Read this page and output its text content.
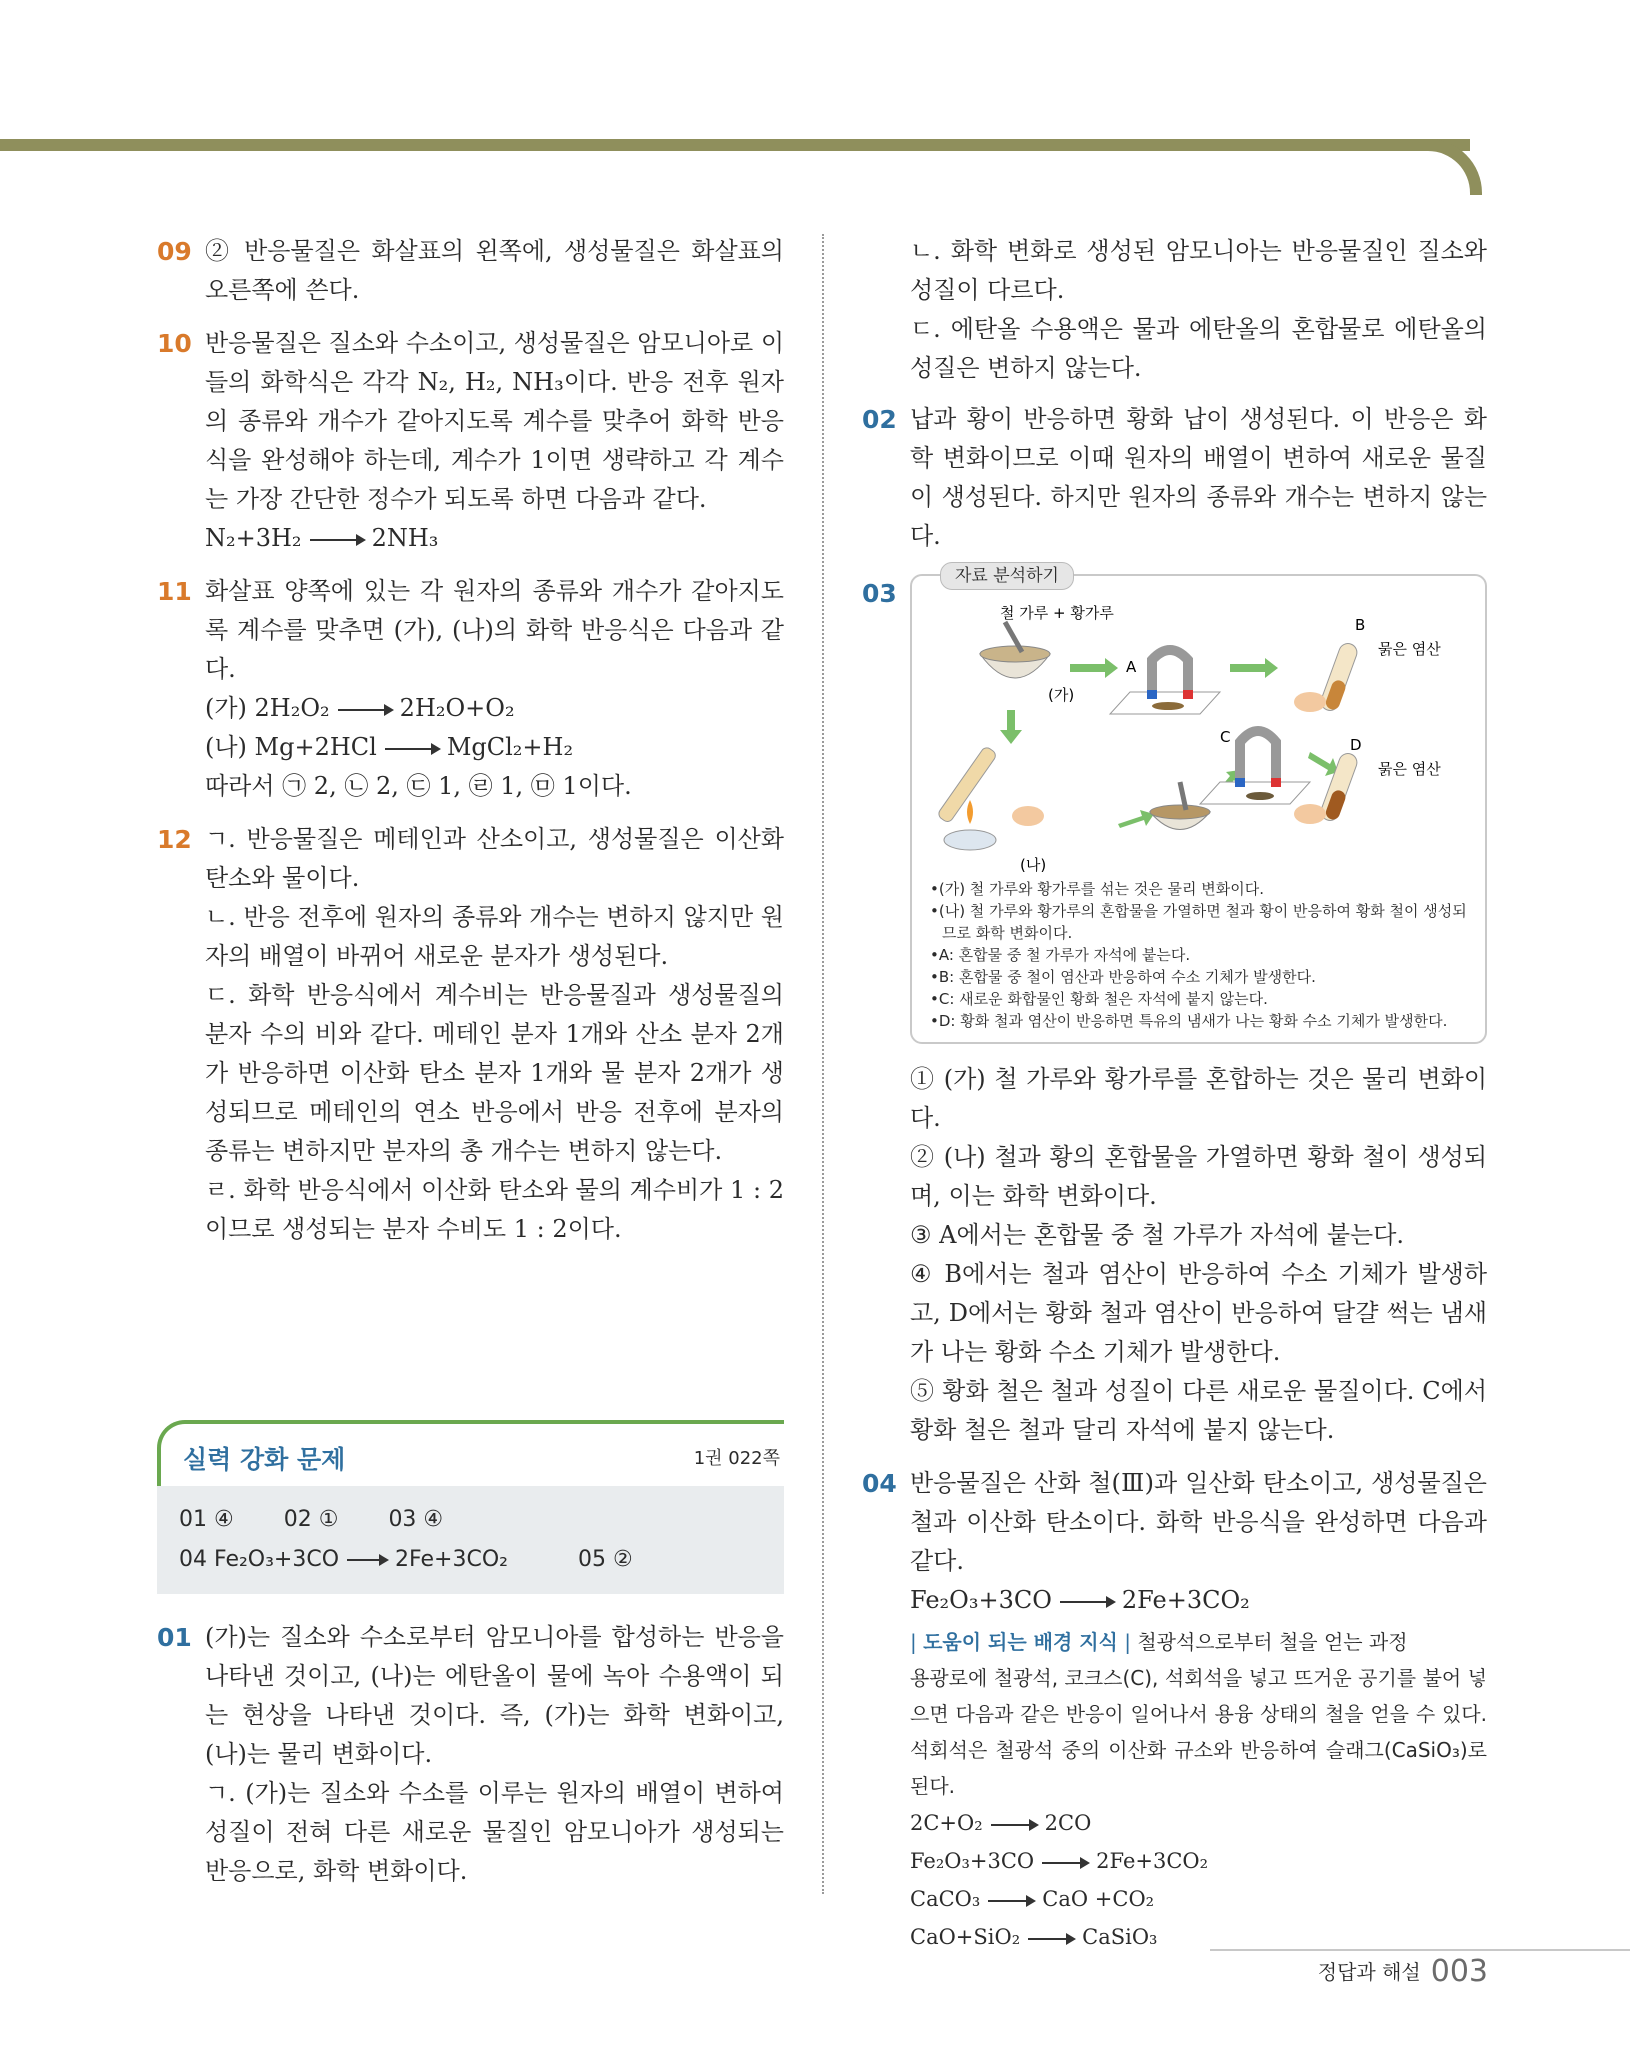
09 ② 반응물질은 화살표의 왼쪽에, 생성물질은 화살표의 오른쪽에 쓴다.

10 반응물질은 질소와 수소이고, 생성물질은 암모니아로 이들의 화학식은 각각 N₂, H₂, NH₃이다. 반응 전후 원자의 종류와 개수가 같아지도록 계수를 맞추어 화학 반응식을 완성해야 하는데, 계수가 1이면 생략하고 각 계수는 가장 간단한 정수가 되도록 하면 다음과 같다.

N₂+3H₂	2NH₃

11 화살표 양쪽에 있는 각 원자의 종류와 개수가 같아지도록 계수를 맞추면 (가), (나)의 화학 반응식은 다음과 같다.

(가) 2H₂O₂	2H₂O+O₂

(나) Mg+2HCl	MgCl₂+H₂

따라서 ㉠ 2, ㉡ 2, ㉢ 1, ㉣ 1, ㉤ 1이다.

12 ㄱ. 반응물질은 메테인과 산소이고, 생성물질은 이산화 탄소와 물이다.

ㄴ. 반응 전후에 원자의 종류와 개수는 변하지 않지만 원자의 배열이 바뀌어 새로운 분자가 생성된다.

ㄷ. 화학 반응식에서 계수비는 반응물질과 생성물질의 분자 수의 비와 같다. 메테인 분자 1개와 산소 분자 2개가 반응하면 이산화 탄소 분자 1개와 물 분자 2개가 생성되므로 메테인의 연소 반응에서 반응 전후에 분자의 종류는 변하지만 분자의 총 개수는 변하지 않는다.

ㄹ. 화학 반응식에서 이산화 탄소와 물의 계수비가 1 : 2이므로 생성되는 분자 수비도 1 : 2이다.

실력 강화 문제	1권 022쪽
01 ④ 02 ① 03 ④
04 Fe₂O₃+3CO	2Fe+3CO₂	05 ②
01 (가)는 질소와 수소로부터 암모니아를 합성하는 반응을 나타낸 것이고, (나)는 에탄올이 물에 녹아 수용액이 되는 현상을 나타낸 것이다. 즉, (가)는 화학 변화이고, (나)는 물리 변화이다.

ㄱ. (가)는 질소와 수소를 이루는 원자의 배열이 변하여 성질이 전혀 다른 새로운 물질인 암모니아가 생성되는 반응으로, 화학 변화이다.

ㄴ. 화학 변화로 생성된 암모니아는 반응물질인 질소와 성질이 다르다.

ㄷ. 에탄올 수용액은 물과 에탄올의 혼합물로 에탄올의 성질은 변하지 않는다.

02 납과 황이 반응하면 황화 납이 생성된다. 이 반응은 화학 변화이므로 이때 원자의 배열이 변하여 새로운 물질이 생성된다. 하지만 원자의 종류와 개수는 변하지 않는다.

03
자료 분석하기
철 가루 + 황가루
(가)
A
B
묽은 염산
(나)
C	D
묽은 염산
•(가) 철 가루와 황가루를 섞는 것은 물리 변화이다.
•(나) 철 가루와 황가루의 혼합물을 가열하면 철과 황이 반응하여 황화 철이 생성되므로 화학 변화이다.
•A: 혼합물 중 철 가루가 자석에 붙는다.
•B: 혼합물 중 철이 염산과 반응하여 수소 기체가 발생한다.
•C: 새로운 화합물인 황화 철은 자석에 붙지 않는다.
•D: 황화 철과 염산이 반응하면 특유의 냄새가 나는 황화 수소 기체가 발생한다.

① (가) 철 가루와 황가루를 혼합하는 것은 물리 변화이다.

② (나) 철과 황의 혼합물을 가열하면 황화 철이 생성되며, 이는 화학 변화이다.

③ A에서는 혼합물 중 철 가루가 자석에 붙는다.

④ B에서는 철과 염산이 반응하여 수소 기체가 발생하고, D에서는 황화 철과 염산이 반응하여 달걀 썩는 냄새가 나는 황화 수소 기체가 발생한다.

⑤ 황화 철은 철과 성질이 다른 새로운 물질이다. C에서 황화 철은 철과 달리 자석에 붙지 않는다.

04 반응물질은 산화 철(Ⅲ)과 일산화 탄소이고, 생성물질은 철과 이산화 탄소이다. 화학 반응식을 완성하면 다음과 같다.

Fe₂O₃+3CO	2Fe+3CO₂

| 도움이 되는 배경 지식 | 철광석으로부터 철을 얻는 과정

용광로에 철광석, 코크스(C), 석회석을 넣고 뜨거운 공기를 불어 넣으면 다음과 같은 반응이 일어나서 용융 상태의 철을 얻을 수 있다. 석회석은 철광석 중의 이산화 규소와 반응하여 슬래그(CaSiO₃)로 된다.

2C+O₂	2CO

Fe₂O₃+3CO	2Fe+3CO₂

CaCO₃	CaO +CO₂

CaO+SiO₂	CaSiO₃

정답과 해설 003
